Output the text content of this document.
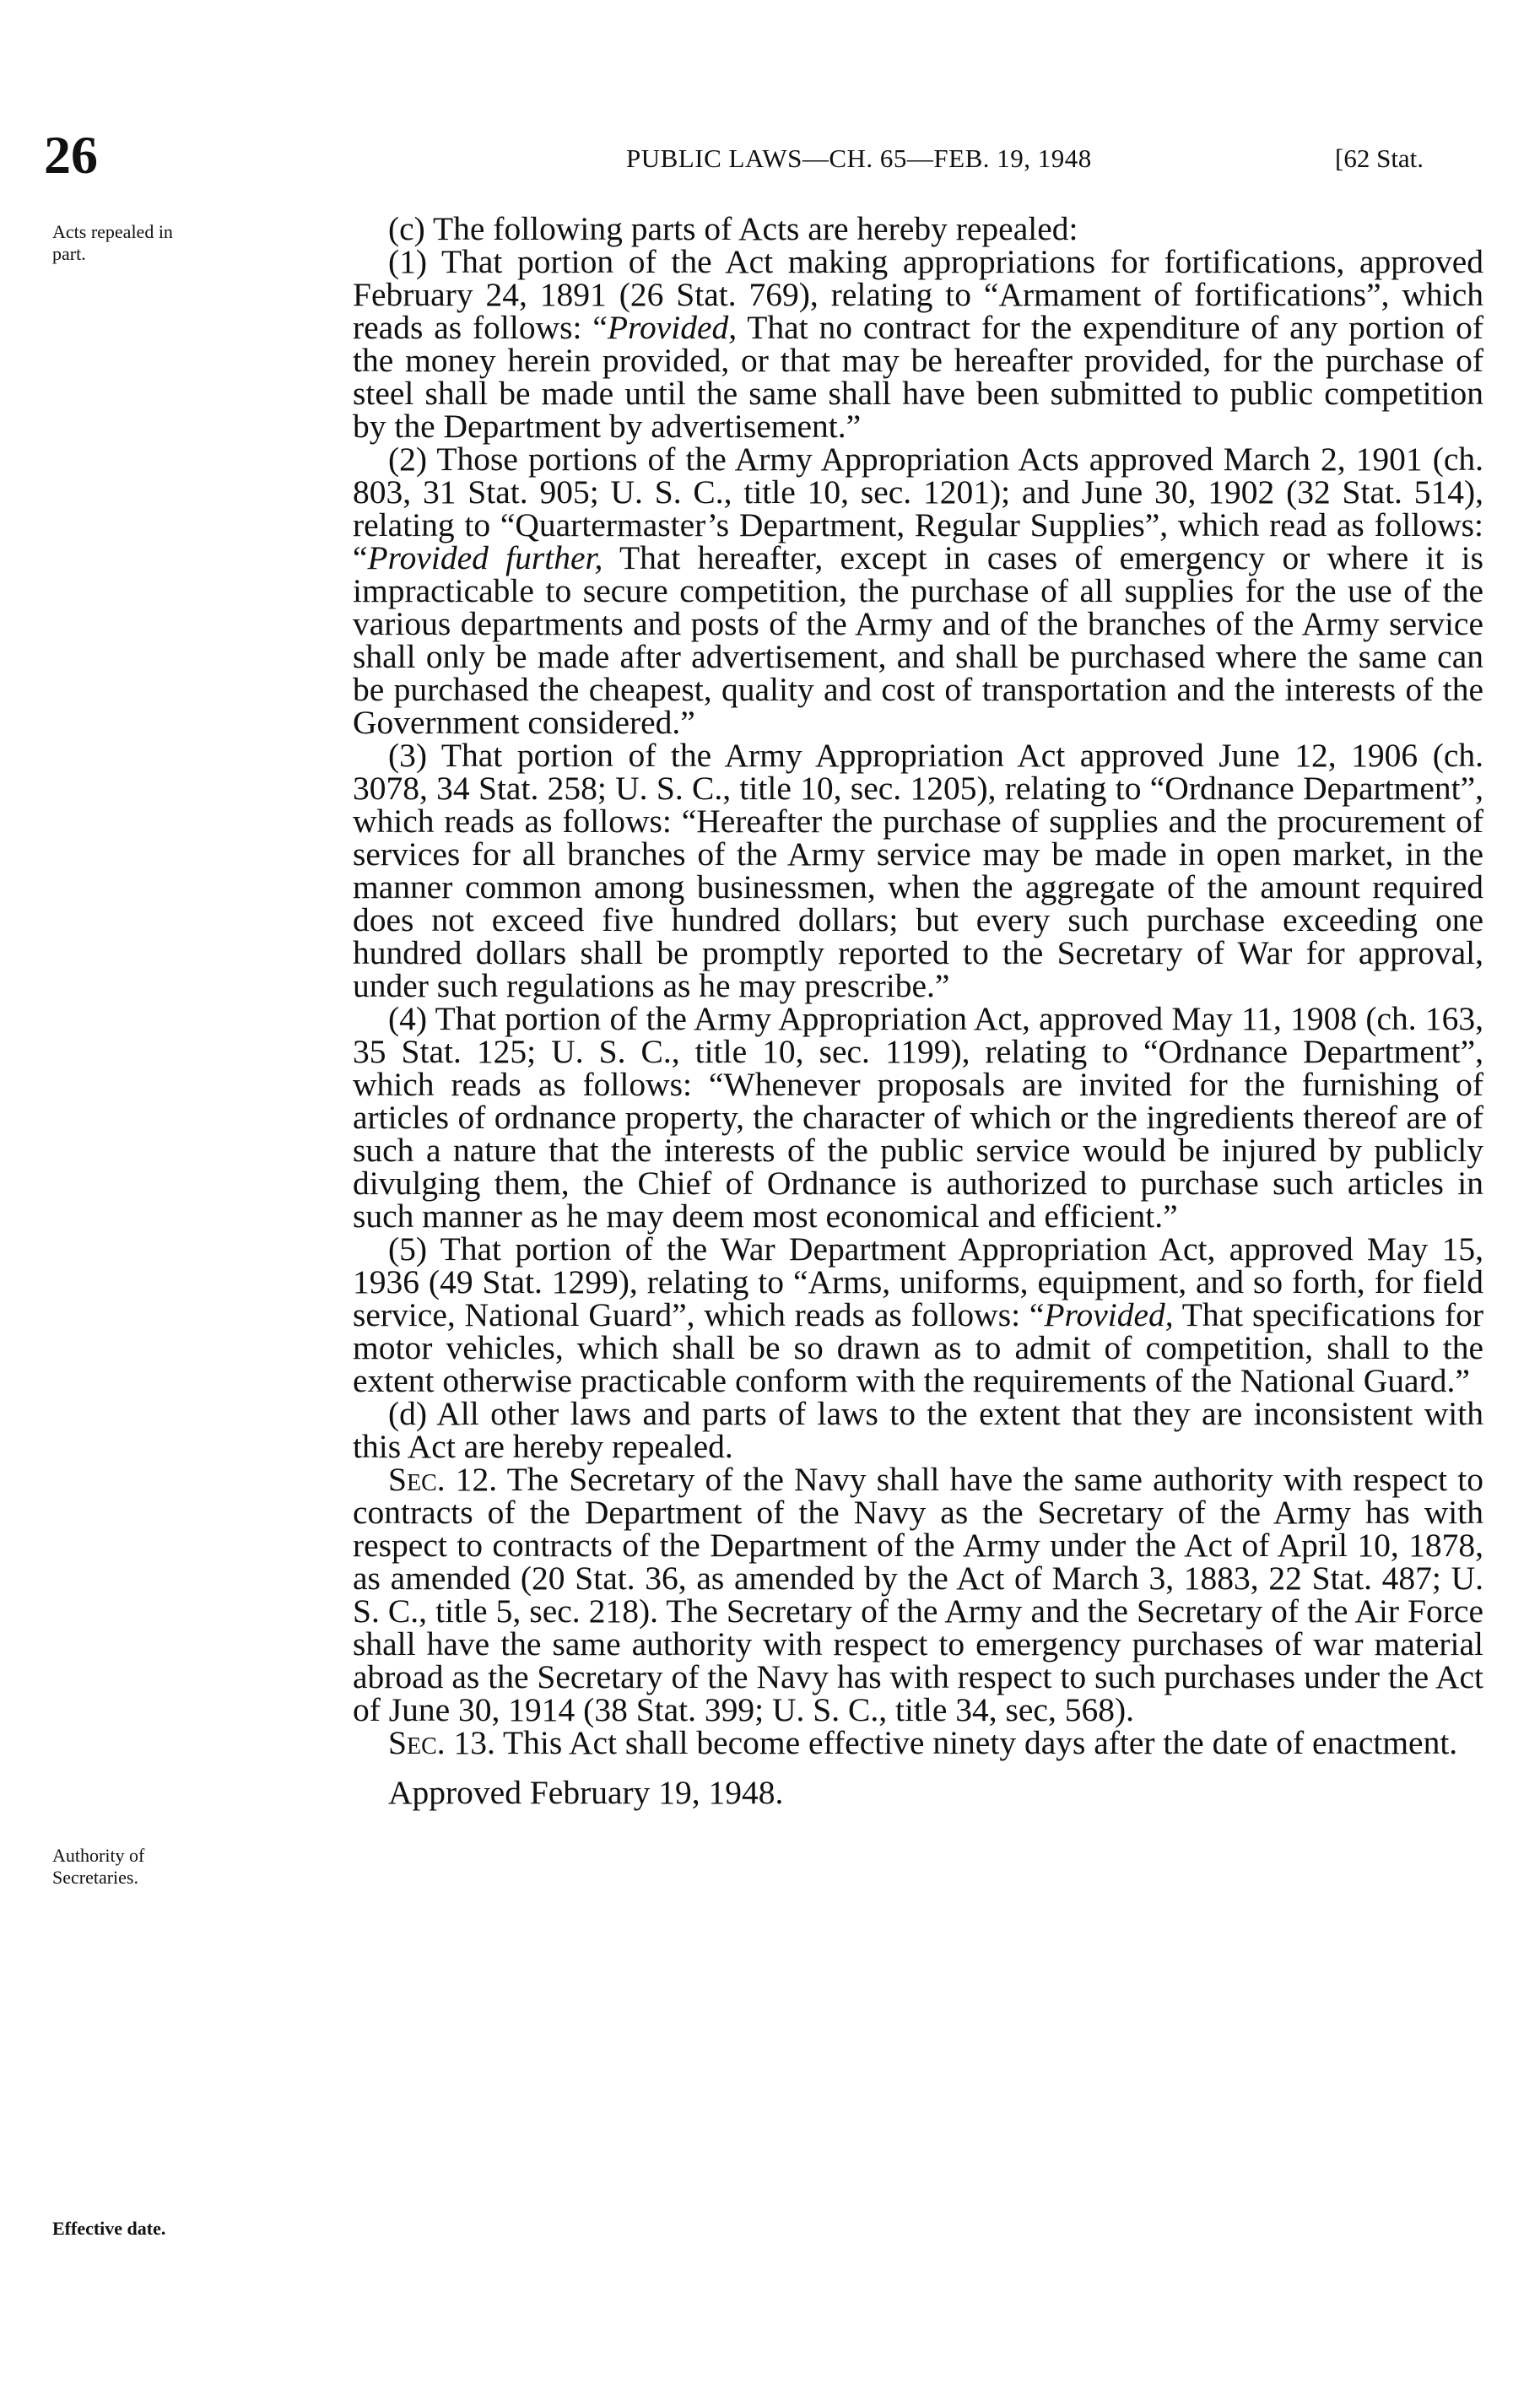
26	PUBLIC LAWS—CH. 65—FEB. 19, 1948	[62 Stat.
Acts repealed in part.
Authority of Secretaries.
Effective date.

(c) The following parts of Acts are hereby repealed:

(1) That portion of the Act making appropriations for fortifications, approved February 24, 1891 (26 Stat. 769), relating to “Armament of fortifications”, which reads as follows: “Provided, That no contract for the expenditure of any portion of the money herein provided, or that may be hereafter provided, for the purchase of steel shall be made until the same shall have been submitted to public competition by the Department by advertisement.”

(2) Those portions of the Army Appropriation Acts approved March 2, 1901 (ch. 803, 31 Stat. 905; U. S. C., title 10, sec. 1201); and June 30, 1902 (32 Stat. 514), relating to “Quartermaster’s Department, Regular Supplies”, which read as follows: “Provided further, That hereafter, except in cases of emergency or where it is impracticable to secure competition, the purchase of all supplies for the use of the various departments and posts of the Army and of the branches of the Army service shall only be made after advertisement, and shall be purchased where the same can be purchased the cheapest, quality and cost of transportation and the interests of the Government considered.”

(3) That portion of the Army Appropriation Act approved June 12, 1906 (ch. 3078, 34 Stat. 258; U. S. C., title 10, sec. 1205), relating to “Ordnance Department”, which reads as follows: “Hereafter the purchase of supplies and the procurement of services for all branches of the Army service may be made in open market, in the manner common among businessmen, when the aggregate of the amount required does not exceed five hundred dollars; but every such purchase exceeding one hundred dollars shall be promptly reported to the Secretary of War for approval, under such regulations as he may prescribe.”

(4) That portion of the Army Appropriation Act, approved May 11, 1908 (ch. 163, 35 Stat. 125; U. S. C., title 10, sec. 1199), relating to “Ordnance Department”, which reads as follows: “Whenever proposals are invited for the furnishing of articles of ordnance property, the character of which or the ingredients thereof are of such a nature that the interests of the public service would be injured by publicly divulging them, the Chief of Ordnance is authorized to purchase such articles in such manner as he may deem most economical and efficient.”

(5) That portion of the War Department Appropriation Act, approved May 15, 1936 (49 Stat. 1299), relating to “Arms, uniforms, equipment, and so forth, for field service, National Guard”, which reads as follows: “Provided, That specifications for motor vehicles, which shall be so drawn as to admit of competition, shall to the extent otherwise practicable conform with the requirements of the National Guard.”

(d) All other laws and parts of laws to the extent that they are inconsistent with this Act are hereby repealed.

Sec. 12. The Secretary of the Navy shall have the same authority with respect to contracts of the Department of the Navy as the Secretary of the Army has with respect to contracts of the Department of the Army under the Act of April 10, 1878, as amended (20 Stat. 36, as amended by the Act of March 3, 1883, 22 Stat. 487; U. S. C., title 5, sec. 218). The Secretary of the Army and the Secretary of the Air Force shall have the same authority with respect to emergency purchases of war material abroad as the Secretary of the Navy has with respect to such purchases under the Act of June 30, 1914 (38 Stat. 399; U. S. C., title 34, sec, 568).

Sec. 13. This Act shall become effective ninety days after the date of enactment.

Approved February 19, 1948.
